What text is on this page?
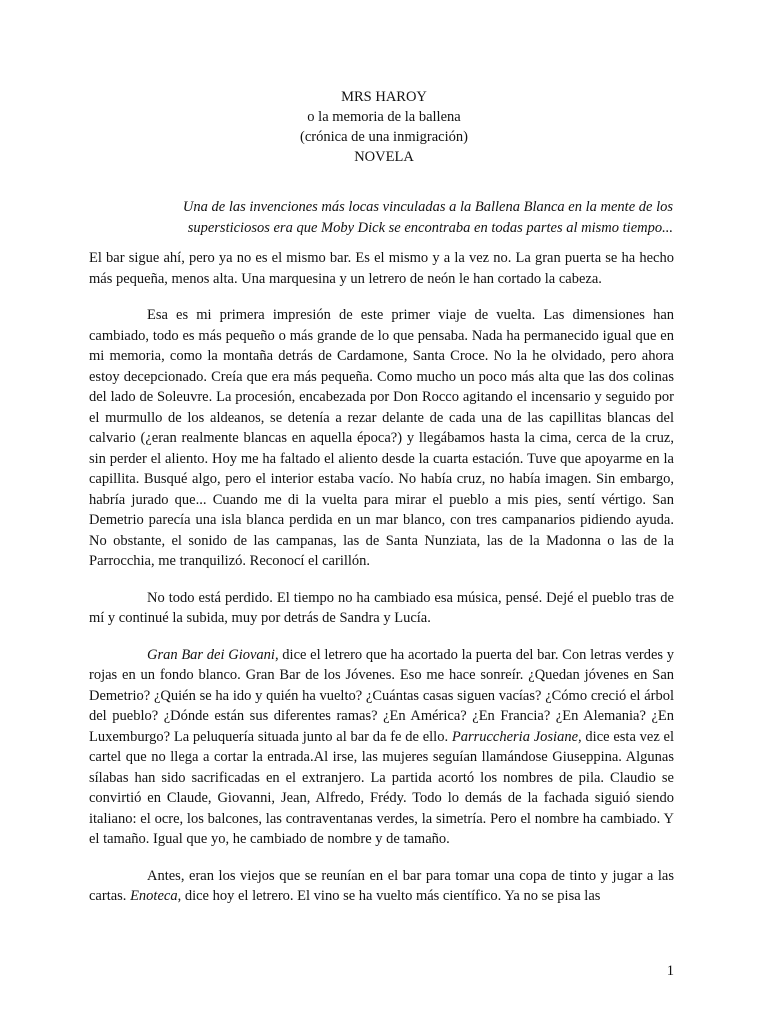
MRS HAROY
o la memoria de la ballena
(crónica de una inmigración)
NOVELA
Una de las invenciones más locas vinculadas a la Ballena Blanca en la mente de los
supersticiosos era que Moby Dick se encontraba en todas partes al mismo tiempo...

El bar sigue ahí, pero ya no es el mismo bar. Es el mismo y a la vez no. La gran puerta se ha hecho más pequeña, menos alta. Una marquesina y un letrero de neón le han cortado la cabeza.

Esa es mi primera impresión de este primer viaje de vuelta. Las dimensiones han cambiado, todo es más pequeño o más grande de lo que pensaba. Nada ha permanecido igual que en mi memoria, como la montaña detrás de Cardamone, Santa Croce. No la he olvidado, pero ahora estoy decepcionado. Creía que era más pequeña. Como mucho un poco más alta que las dos colinas del lado de Soleuvre. La procesión, encabezada por Don Rocco agitando el incensario y seguido por el murmullo de los aldeanos, se detenía a rezar delante de cada una de las capillitas blancas del calvario (¿eran realmente blancas en aquella época?) y llegábamos hasta la cima, cerca de la cruz, sin perder el aliento. Hoy me ha faltado el aliento desde la cuarta estación. Tuve que apoyarme en la capillita. Busqué algo, pero el interior estaba vacío. No había cruz, no había imagen. Sin embargo, habría jurado que... Cuando me di la vuelta para mirar el pueblo a mis pies, sentí vértigo. San Demetrio parecía una isla blanca perdida en un mar blanco, con tres campanarios pidiendo ayuda. No obstante, el sonido de las campanas, las de Santa Nunziata, las de la Madonna o las de la Parrocchia, me tranquilizó. Reconocí el carillón.

No todo está perdido. El tiempo no ha cambiado esa música, pensé. Dejé el pueblo tras de mí y continué la subida, muy por detrás de Sandra y Lucía.

Gran Bar dei Giovani, dice el letrero que ha acortado la puerta del bar. Con letras verdes y rojas en un fondo blanco. Gran Bar de los Jóvenes. Eso me hace sonreír. ¿Quedan jóvenes en San Demetrio? ¿Quién se ha ido y quién ha vuelto? ¿Cuántas casas siguen vacías? ¿Cómo creció el árbol del pueblo? ¿Dónde están sus diferentes ramas? ¿En América? ¿En Francia? ¿En Alemania? ¿En Luxemburgo? La peluquería situada junto al bar da fe de ello. Parruccheria Josiane, dice esta vez el cartel que no llega a cortar la entrada.Al irse, las mujeres seguían llamándose Giuseppina. Algunas sílabas han sido sacrificadas en el extranjero. La partida acortó los nombres de pila. Claudio se convirtió en Claude, Giovanni, Jean, Alfredo, Frédy. Todo lo demás de la fachada siguió siendo italiano: el ocre, los balcones, las contraventanas verdes, la simetría. Pero el nombre ha cambiado. Y el tamaño. Igual que yo, he cambiado de nombre y de tamaño.

Antes, eran los viejos que se reunían en el bar para tomar una copa de tinto y jugar a las cartas. Enoteca, dice hoy el letrero. El vino se ha vuelto más científico. Ya no se pisa las

1
